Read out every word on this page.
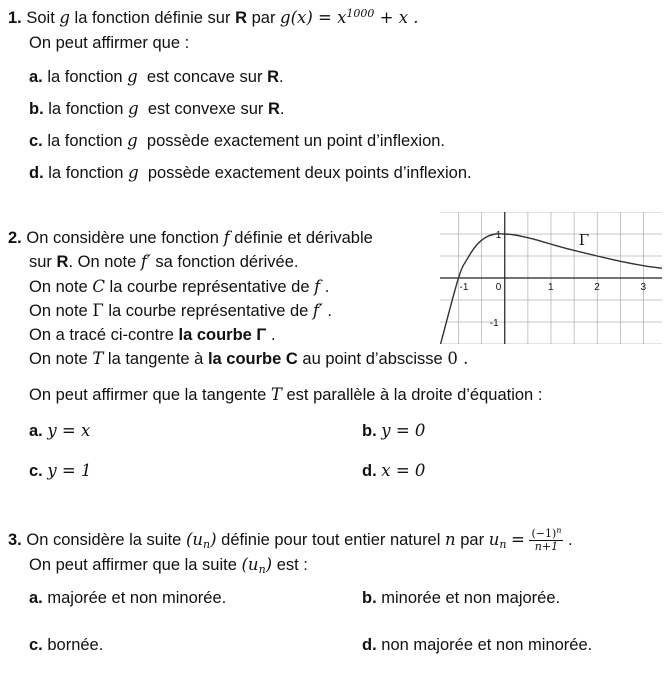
1. Soit g la fonction définie sur R par $g(x) = x^{1000} + x$ .
On peut affirmer que :
a. la fonction g est concave sur R.
b. la fonction g est convexe sur R.
c. la fonction g possède exactement un point d’inflexion.
d. la fonction g possède exactement deux points d’inflexion.
2. On considère une fonction f définie et dérivable
sur R. On note f′ sa fonction dérivée.
On note C la courbe représentative de f .
On note Γ la courbe représentative de f′ .
On a tracé ci-contre la courbe Γ .
On note T la tangente à la courbe C au point d’abscisse 0 .
On peut affirmer que la tangente T est parallèle à la droite d’équation :
a. y = x	b. y = 0
c. y = 1	d. x = 0
-1	0	1	2	3
1
-1
Γ
3. On considère la suite $(u_n)$ définie pour tout entier naturel n par $u_n = \frac{(-1)^n}{n+1}$ .
On peut affirmer que la suite $(u_n)$ est :
a. majorée et non minorée.	b. minorée et non majorée.
c. bornée.	d. non majorée et non minorée.
